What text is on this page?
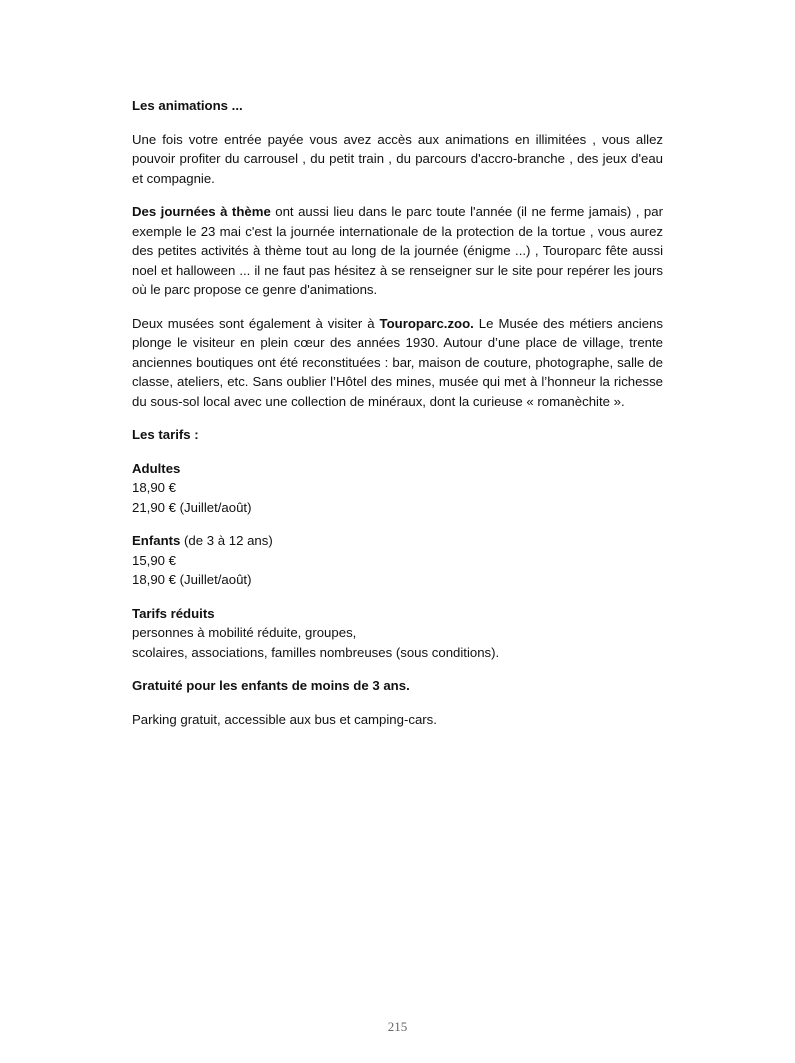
Les animations ...

Une fois votre entrée payée vous avez accès aux animations en illimitées , vous allez pouvoir profiter du carrousel , du petit train , du parcours d'accro-branche , des jeux d'eau et compagnie.

Des journées à thème ont aussi lieu dans le parc toute l'année (il ne ferme jamais) , par exemple le 23 mai c'est la journée internationale de la protection de la tortue , vous aurez des petites activités à thème tout au long de la journée (énigme ...) , Touroparc fête aussi noel et halloween ... il ne faut pas hésitez à se renseigner sur le site pour repérer les jours où le parc propose ce genre d'animations.

Deux musées sont également à visiter à Touroparc.zoo. Le Musée des métiers anciens plonge le visiteur en plein cœur des années 1930. Autour d’une place de village, trente anciennes boutiques ont été reconstituées : bar, maison de couture, photographe, salle de classe, ateliers, etc. Sans oublier l’Hôtel des mines, musée qui met à l’honneur la richesse du sous-sol local avec une collection de minéraux, dont la curieuse « romanèchite ».

Les tarifs :
Adultes
18,90 €
21,90 € (Juillet/août)
Enfants (de 3 à 12 ans)
15,90 €
18,90 € (Juillet/août)
Tarifs réduits
personnes à mobilité réduite, groupes,
scolaires, associations, familles nombreuses (sous conditions).
Gratuité pour les enfants de moins de 3 ans.

Parking gratuit, accessible aux bus et camping-cars.

215
